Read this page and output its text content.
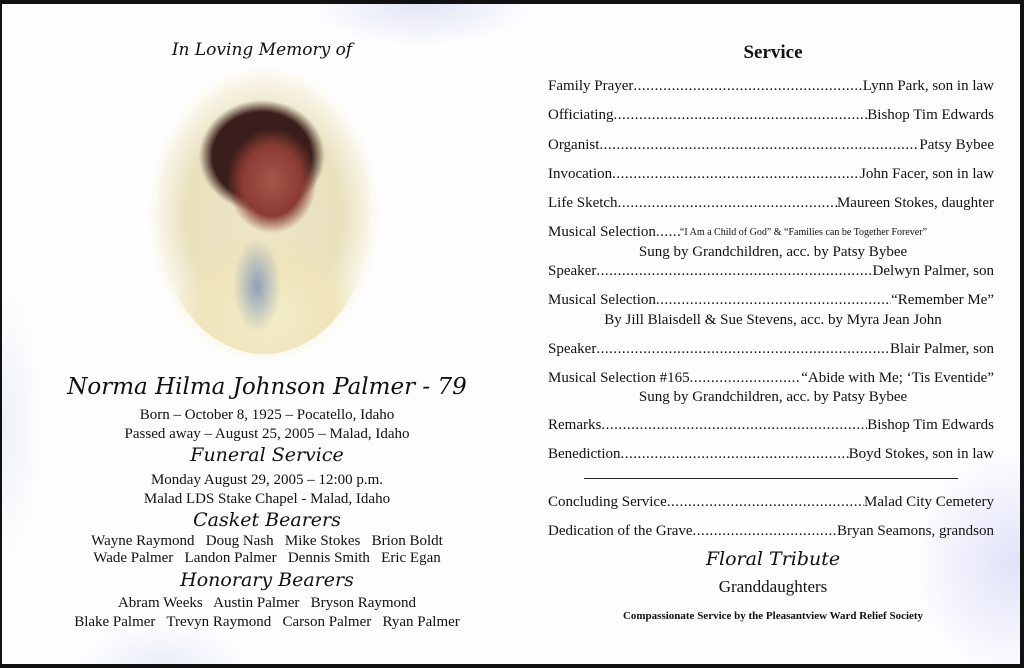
In Loving Memory of
Norma Hilma Johnson Palmer - 79
Born – October 8, 1925 – Pocatello, Idaho
Passed away – August 25, 2005 – Malad, Idaho
Funeral Service
Monday August 29, 2005 – 12:00 p.m.
Malad LDS Stake Chapel - Malad, Idaho
Casket Bearers
Wayne Raymond   Doug Nash   Mike Stokes   Brion Boldt
Wade Palmer   Landon Palmer   Dennis Smith   Eric Egan
Honorary Bearers
Abram Weeks   Austin Palmer   Bryson Raymond
Blake Palmer   Trevyn Raymond   Carson Palmer   Ryan Palmer
Service
Family Prayer .....	Lynn Park, son in law
Officiating .....	Bishop Tim Edwards
Organist .....	Patsy Bybee
Invocation .....	John Facer, son in law
Life Sketch .....	Maureen Stokes, daughter
Musical Selection ..... “I Am a Child of God” & “Families can be Together Forever”
Sung by Grandchildren, acc. by Patsy Bybee
Speaker .....	Delwyn Palmer, son
Musical Selection .....	“Remember Me”
By Jill Blaisdell & Sue Stevens, acc. by Myra Jean John
Speaker .....	Blair Palmer, son
Musical Selection #165 .....	“Abide with Me; ‘Tis Eventide”
Sung by Grandchildren, acc. by Patsy Bybee
Remarks .....	Bishop Tim Edwards
Benediction .....	Boyd Stokes, son in law
Concluding Service .....	Malad City Cemetery
Dedication of the Grave .....	Bryan Seamons, grandson
Floral Tribute
Granddaughters
Compassionate Service by the Pleasantview Ward Relief Society
